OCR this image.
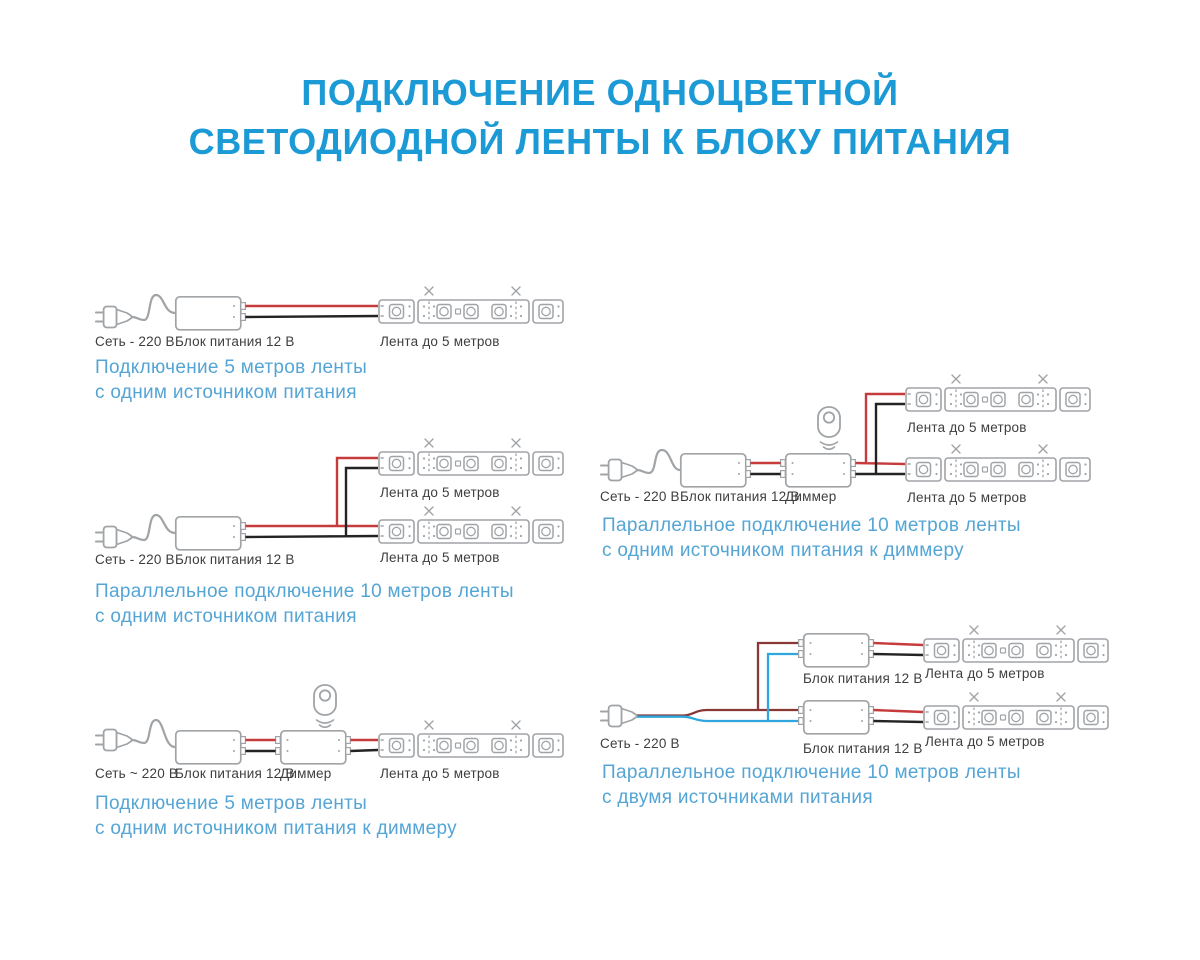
ПОДКЛЮЧЕНИЕ ОДНОЦВЕТНОЙ
СВЕТОДИОДНОЙ ЛЕНТЫ К БЛОКУ ПИТАНИЯ
Сеть - 220 В Блок питания 12 В	Лента до 5 метров
Подключение 5 метров ленты
с одним источником питания
Лента до 5 метров
Сеть - 220 В Блок питания 12 В	Лента до 5 метров
Параллельное подключение 10 метров ленты
с одним источником питания
Сеть ~ 220 В
Блок питания 12 В
Диммер	Лента до 5 метров
Подключение 5 метров ленты
с одним источником питания к диммеру
Лента до 5 метров
Сеть - 220 В Блок питания 12 В
Диммер	Лента до 5 метров
Параллельное подключение 10 метров ленты
с одним источником питания к диммеру
Блок питания 12 В Лента до 5 метров
Сеть - 220 В	Блок питания 12 В Лента до 5 метров
Параллельное подключение 10 метров ленты
с двумя источниками питания
